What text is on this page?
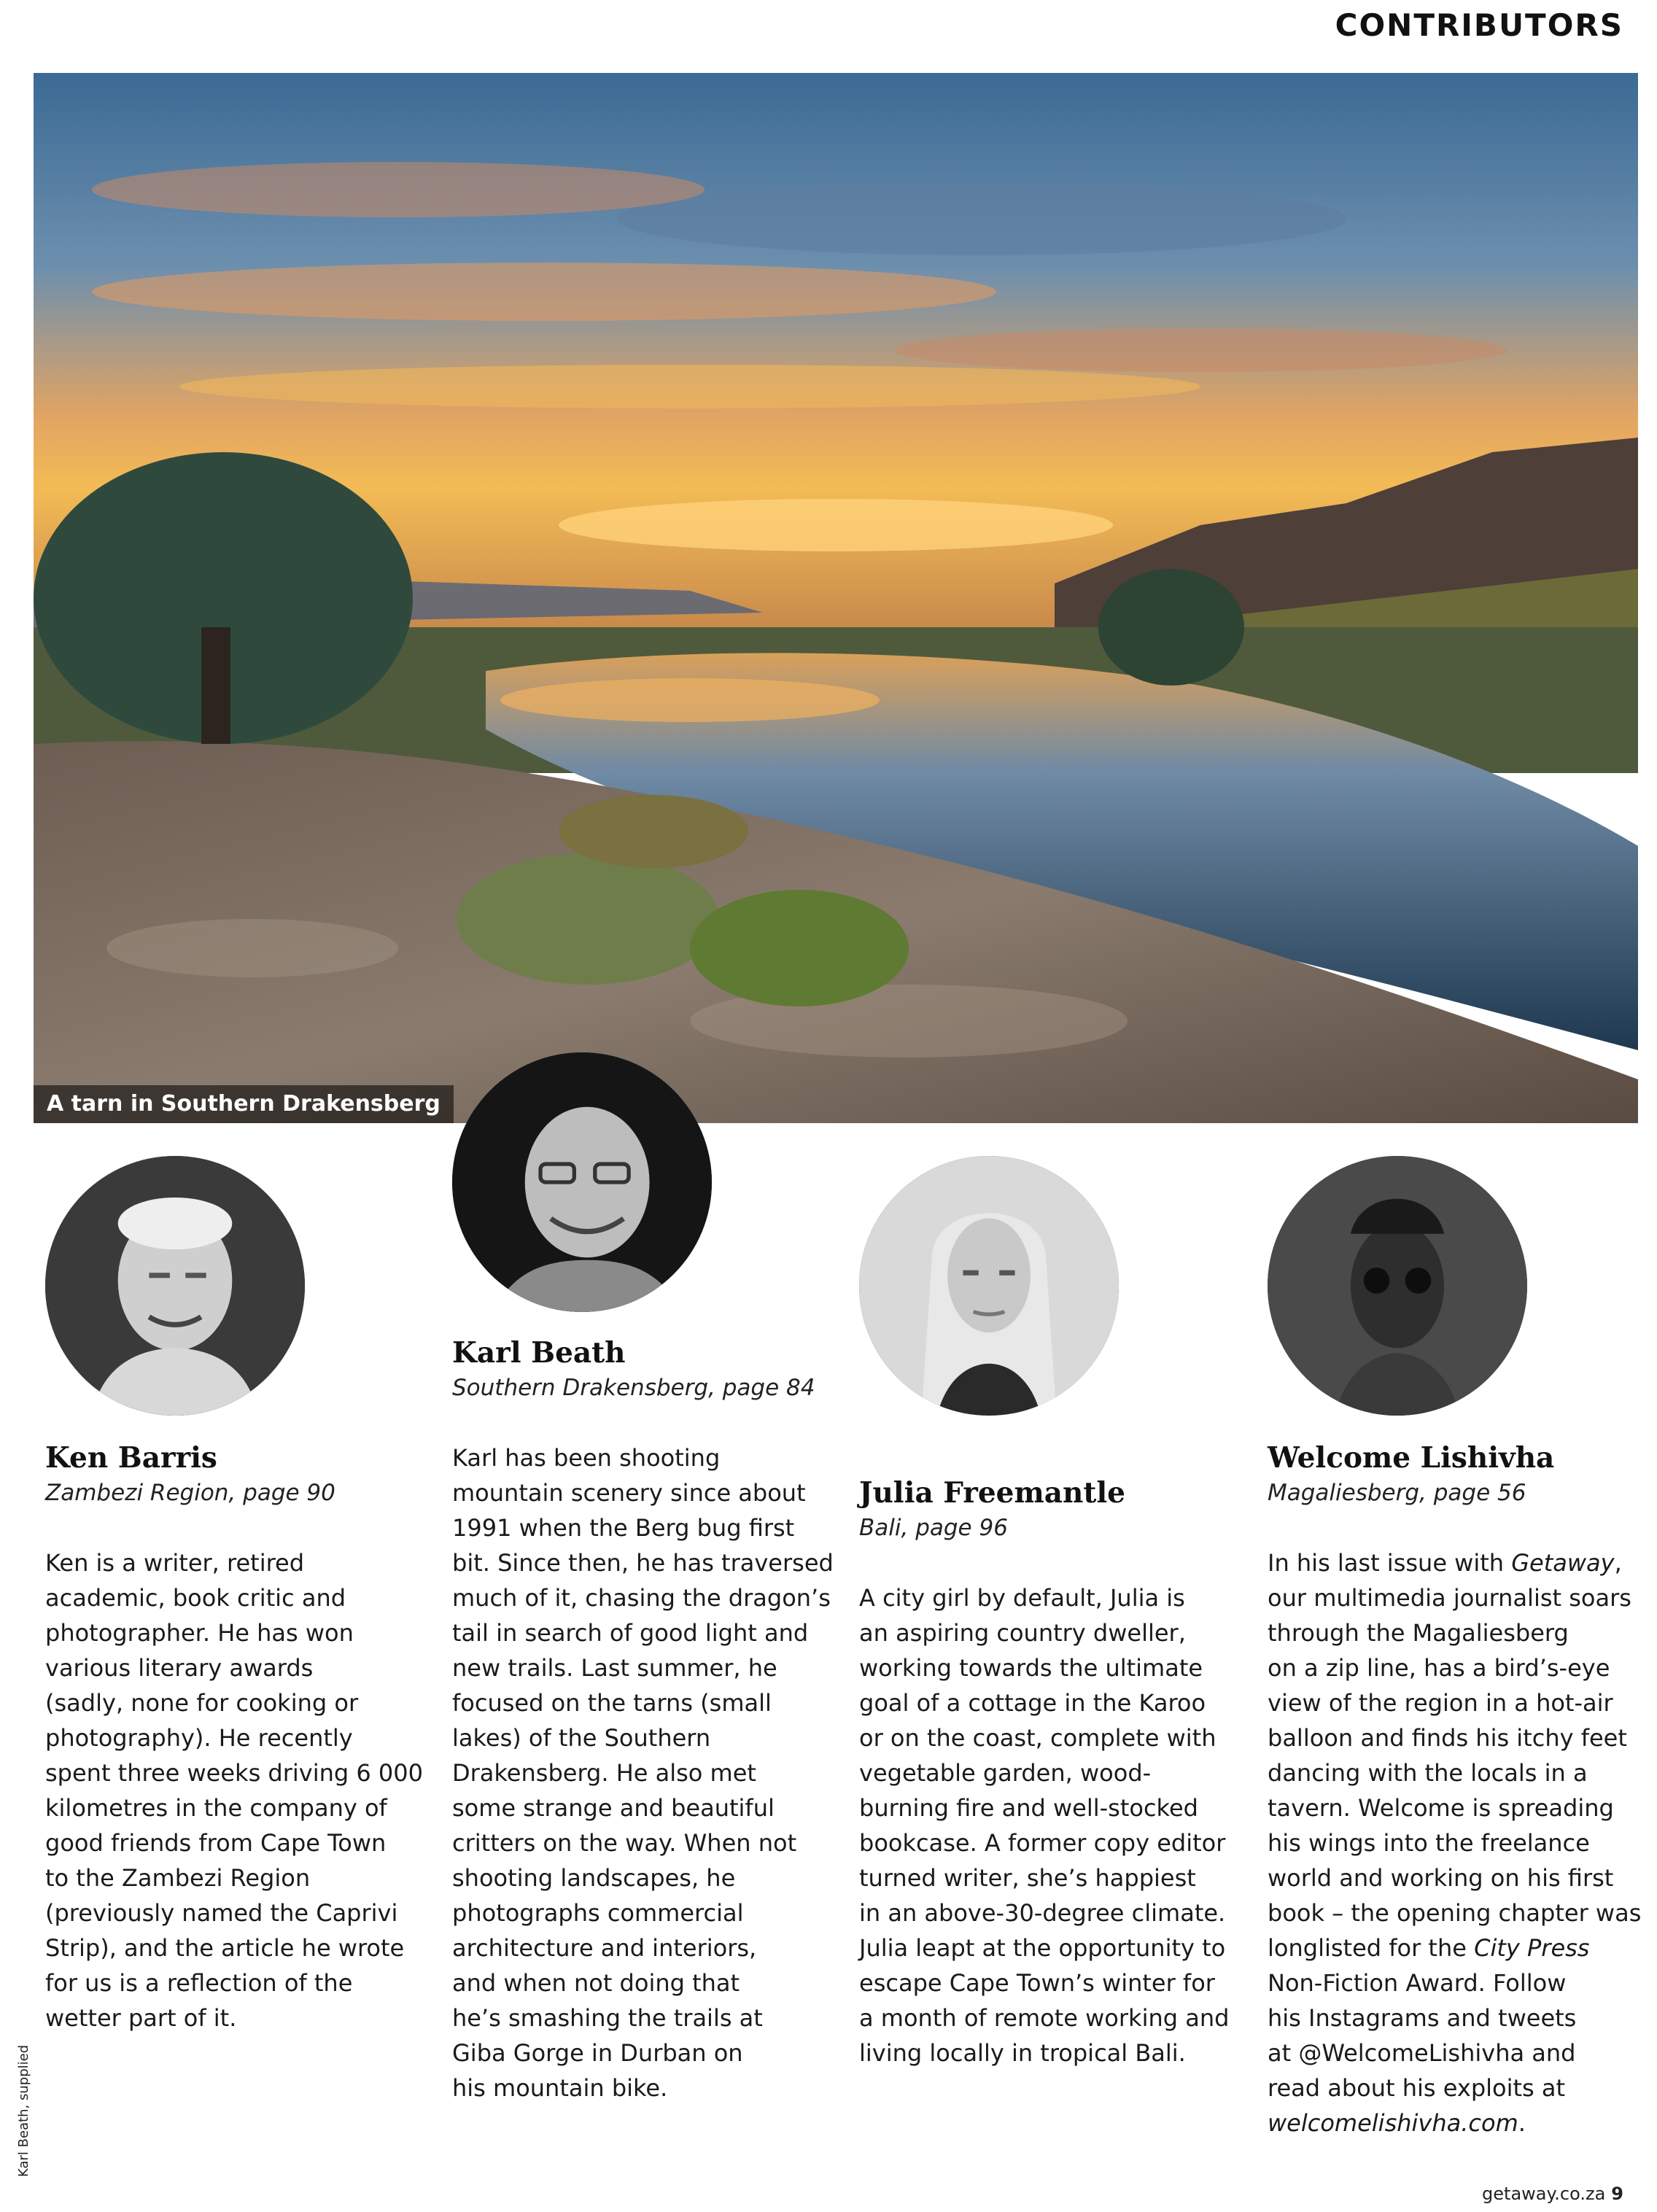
CONTRIBUTORS
A tarn in Southern Drakensberg

Ken Barris

Zambezi Region, page 90

Ken is a writer, retired
academic, book critic and
photographer. He has won
various literary awards
(sadly, none for cooking or
photography). He recently
spent three weeks driving 6 000
kilometres in the company of
good friends from Cape Town
to the Zambezi Region
(previously named the Caprivi
Strip), and the article he wrote
for us is a reflection of the
wetter part of it.

Karl Beath

Southern Drakensberg, page 84

Karl has been shooting
mountain scenery since about
1991 when the Berg bug first
bit. Since then, he has traversed
much of it, chasing the dragon’s
tail in search of good light and
new trails. Last summer, he
focused on the tarns (small
lakes) of the Southern
Drakensberg. He also met
some strange and beautiful
critters on the way. When not
shooting landscapes, he
photographs commercial
architecture and interiors,
and when not doing that
he’s smashing the trails at
Giba Gorge in Durban on
his mountain bike.

Julia Freemantle

Bali, page 96

A city girl by default, Julia is
an aspiring country dweller,
working towards the ultimate
goal of a cottage in the Karoo
or on the coast, complete with
vegetable garden, wood-
burning fire and well-stocked
bookcase. A former copy editor
turned writer, she’s happiest
in an above-30-degree climate.
Julia leapt at the opportunity to
escape Cape Town’s winter for
a month of remote working and
living locally in tropical Bali.

Welcome Lishivha

Magaliesberg, page 56

In his last issue with Getaway,
our multimedia journalist soars
through the Magaliesberg
on a zip line, has a bird’s-eye
view of the region in a hot-air
balloon and finds his itchy feet
dancing with the locals in a
tavern. Welcome is spreading
his wings into the freelance
world and working on his first
book – the opening chapter was
longlisted for the City Press
Non-Fiction Award. Follow
his Instagrams and tweets
at @WelcomeLishivha and
read about his exploits at
welcomelishivha.com.

Karl Beath, supplied
getaway.co.za 9
